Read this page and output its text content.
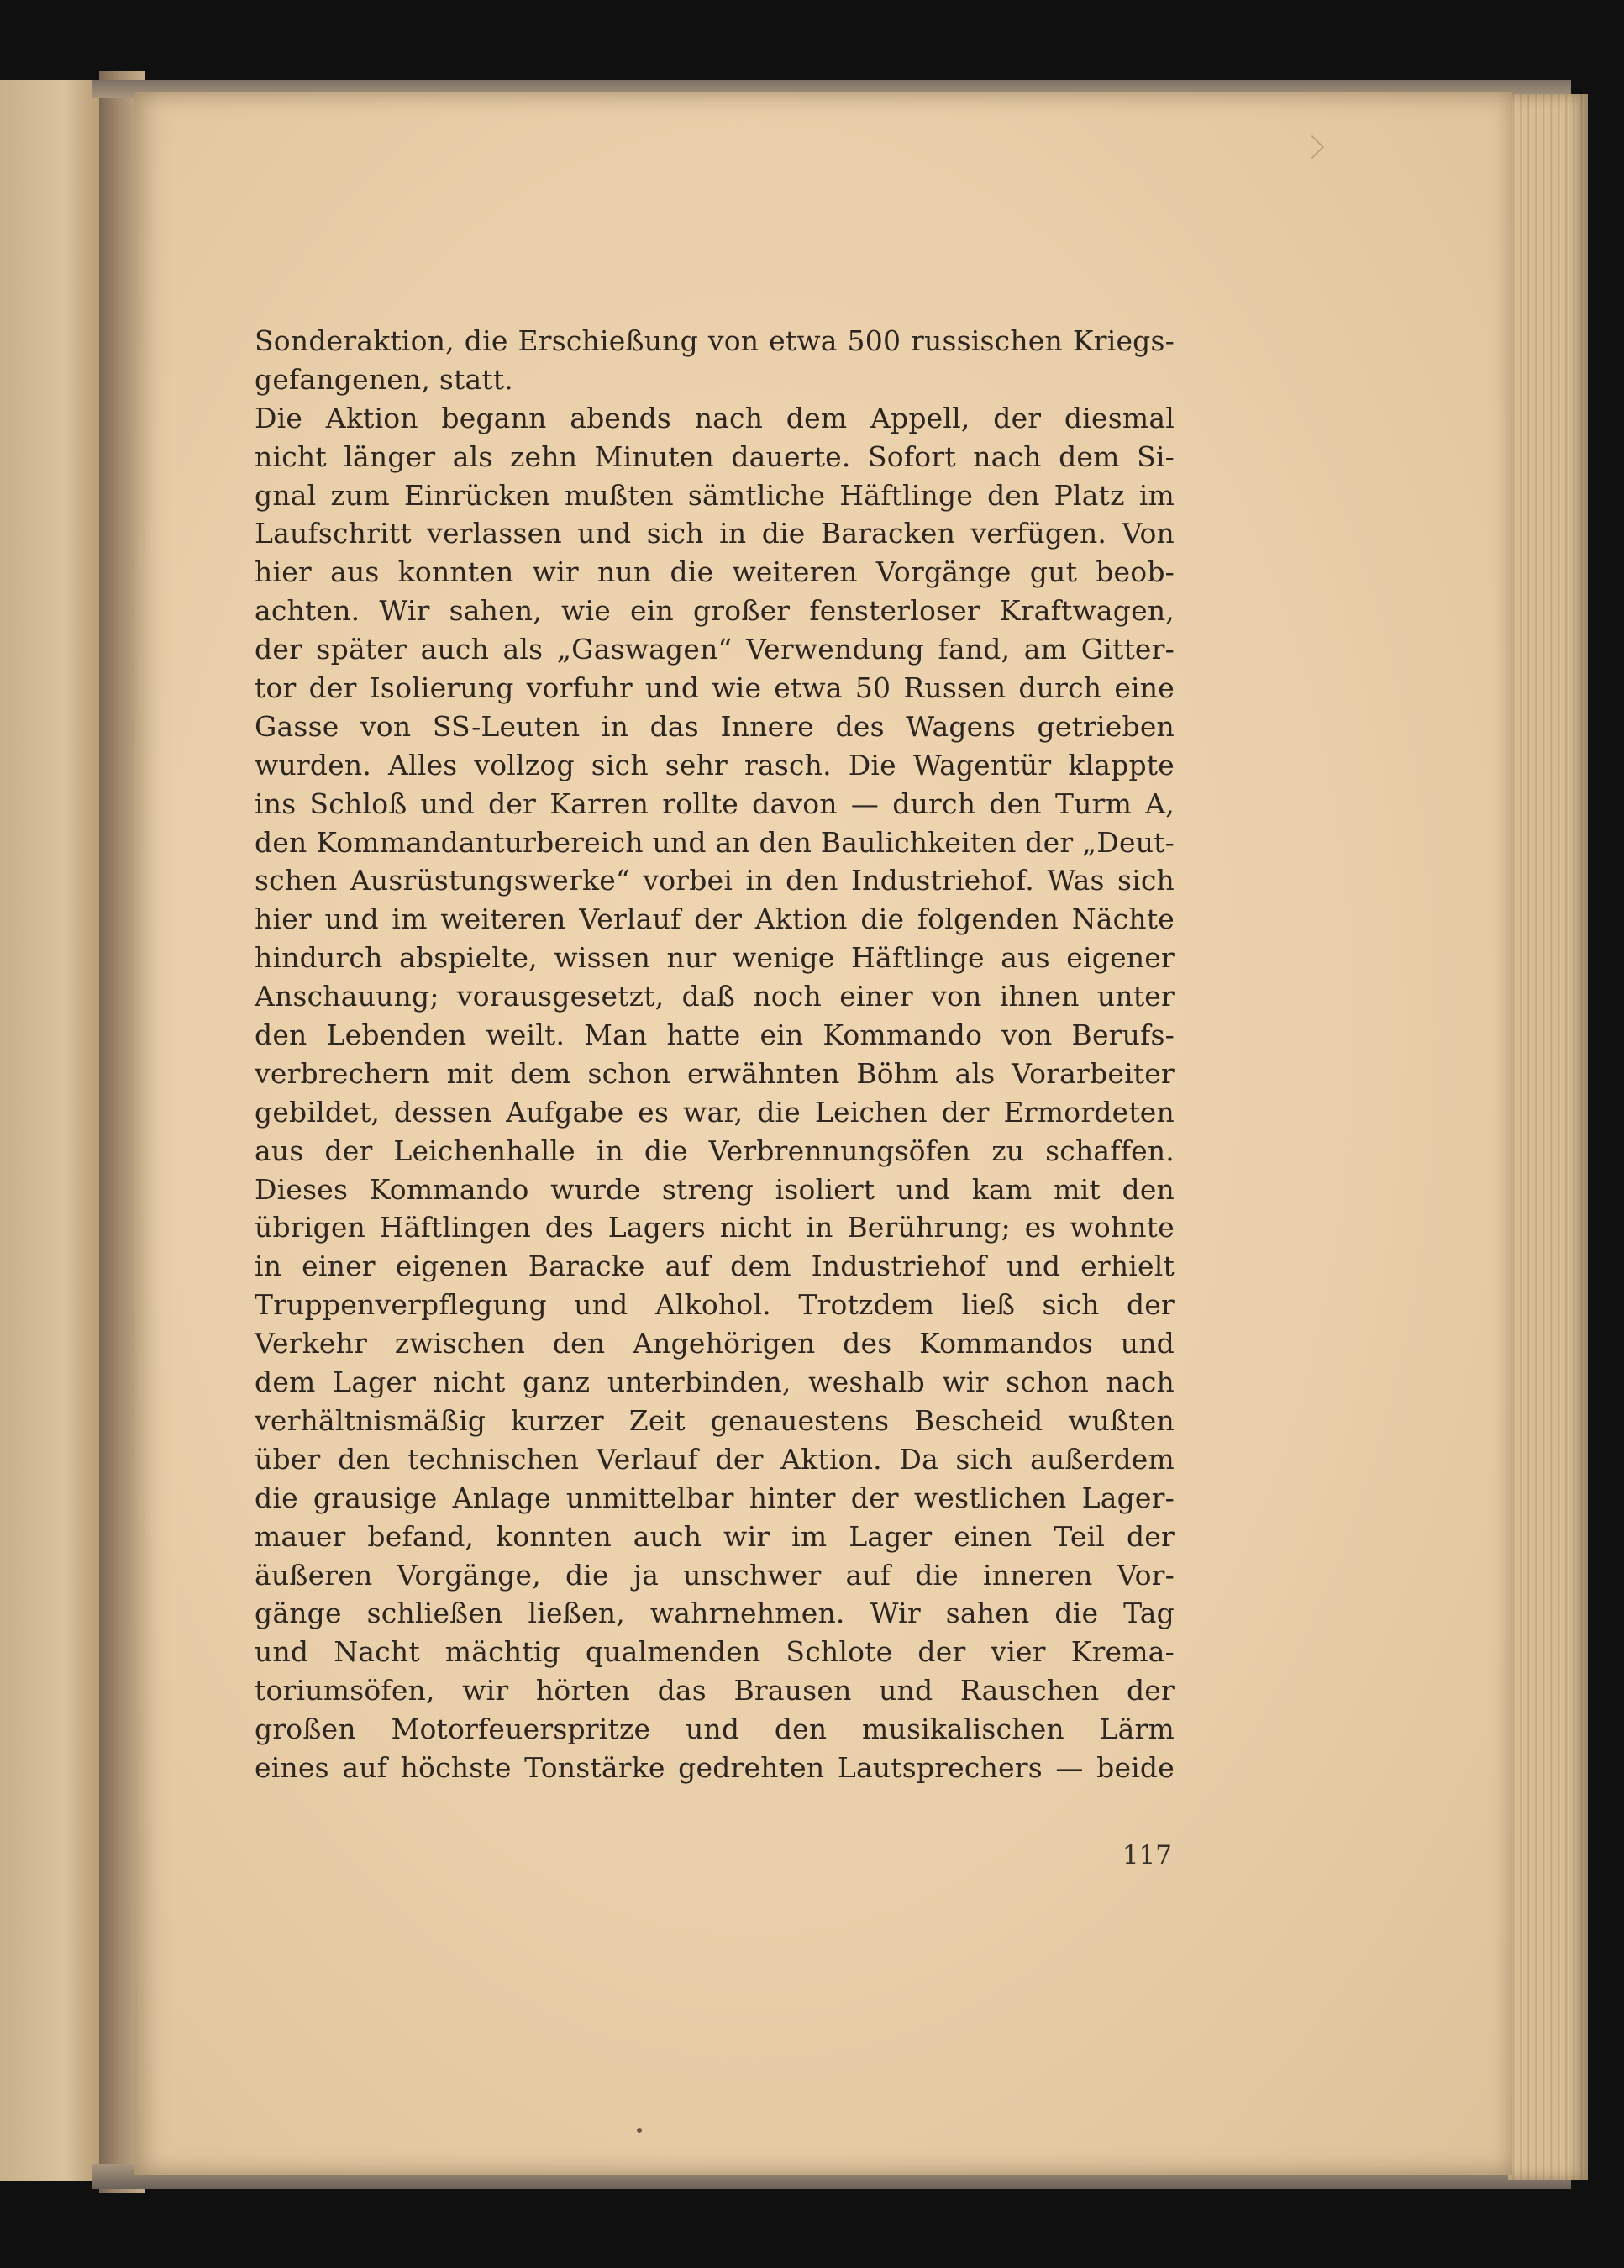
Sonderaktion, die Erschießung von etwa 500 russischen Kriegs-
gefangenen, statt.
Die Aktion begann abends nach dem Appell, der diesmal
nicht länger als zehn Minuten dauerte. Sofort nach dem Si-
gnal zum Einrücken mußten sämtliche Häftlinge den Platz im
Laufschritt verlassen und sich in die Baracken verfügen. Von
hier aus konnten wir nun die weiteren Vorgänge gut beob-
achten. Wir sahen, wie ein großer fensterloser Kraftwagen,
der später auch als „Gaswagen“ Verwendung fand, am Gitter-
tor der Isolierung vorfuhr und wie etwa 50 Russen durch eine
Gasse von SS-Leuten in das Innere des Wagens getrieben
wurden. Alles vollzog sich sehr rasch. Die Wagentür klappte
ins Schloß und der Karren rollte davon — durch den Turm A,
den Kommandanturbereich und an den Baulichkeiten der „Deut-
schen Ausrüstungswerke“ vorbei in den Industriehof. Was sich
hier und im weiteren Verlauf der Aktion die folgenden Nächte
hindurch abspielte, wissen nur wenige Häftlinge aus eigener
Anschauung; vorausgesetzt, daß noch einer von ihnen unter
den Lebenden weilt. Man hatte ein Kommando von Berufs-
verbrechern mit dem schon erwähnten Böhm als Vorarbeiter
gebildet, dessen Aufgabe es war, die Leichen der Ermordeten
aus der Leichenhalle in die Verbrennungsöfen zu schaffen.
Dieses Kommando wurde streng isoliert und kam mit den
übrigen Häftlingen des Lagers nicht in Berührung; es wohnte
in einer eigenen Baracke auf dem Industriehof und erhielt
Truppenverpflegung und Alkohol. Trotzdem ließ sich der
Verkehr zwischen den Angehörigen des Kommandos und
dem Lager nicht ganz unterbinden, weshalb wir schon nach
verhältnismäßig kurzer Zeit genauestens Bescheid wußten
über den technischen Verlauf der Aktion. Da sich außerdem
die grausige Anlage unmittelbar hinter der westlichen Lager-
mauer befand, konnten auch wir im Lager einen Teil der
äußeren Vorgänge, die ja unschwer auf die inneren Vor-
gänge schließen ließen, wahrnehmen. Wir sahen die Tag
und Nacht mächtig qualmenden Schlote der vier Krema-
toriumsöfen, wir hörten das Brausen und Rauschen der
großen Motorfeuerspritze und den musikalischen Lärm
eines auf höchste Tonstärke gedrehten Lautsprechers — beide
117
